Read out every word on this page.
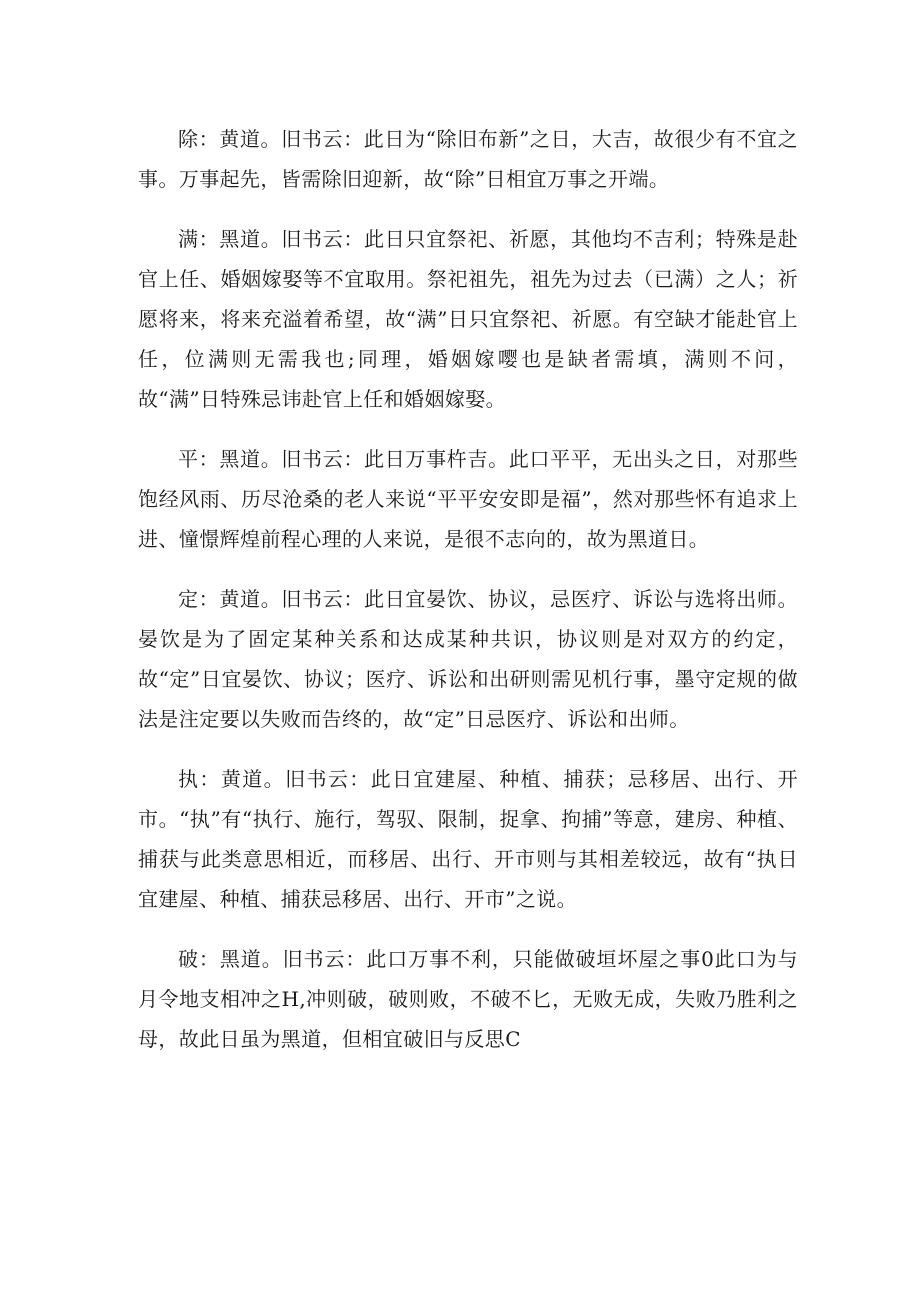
除：黄道。旧书云：此日为“除旧布新”之日，大吉，故很少有不宜之事。万事起先，皆需除旧迎新，故“除”日相宜万事之开端。

满：黑道。旧书云：此日只宜祭祀、祈愿，其他均不吉利；特殊是赴官上任、婚姻嫁娶等不宜取用。祭祀祖先，祖先为过去（已满）之人；祈愿将来，将来充溢着希望，故“满”日只宜祭祀、祈愿。有空缺才能赴官上任，位满则无需我也;同理，婚姻嫁嘤也是缺者需填，满则不问，故“满”日特殊忌讳赴官上任和婚姻嫁娶。

平：黑道。旧书云：此日万事杵吉。此口平平，无出头之日，对那些饱经风雨、历尽沧桑的老人来说“平平安安即是福”，然对那些怀有追求上进、憧憬辉煌前程心理的人来说，是很不志向的，故为黑道日。

定：黄道。旧书云：此日宜晏饮、协议，忌医疗、诉讼与选将出师。晏饮是为了固定某种关系和达成某种共识，协议则是对双方的约定，故“定”日宜晏饮、协议；医疗、诉讼和出研则需见机行事，墨守定规的做法是注定要以失败而告终的，故“定”日忌医疗、诉讼和出师。

执：黄道。旧书云：此日宜建屋、种植、捕获；忌移居、出行、开市。“执”有“执行、施行，驾驭、限制，捉拿、拘捕”等意，建房、种植、捕获与此类意思相近，而移居、出行、开市则与其相差较远，故有“执日宜建屋、种植、捕获忌移居、出行、开市”之说。

破：黑道。旧书云：此口万事不利，只能做破垣坏屋之事0此口为与月令地支相冲之H,冲则破，破则败，不破不匕，无败无成，失败乃胜利之母，故此日虽为黑道，但相宜破旧与反思C
